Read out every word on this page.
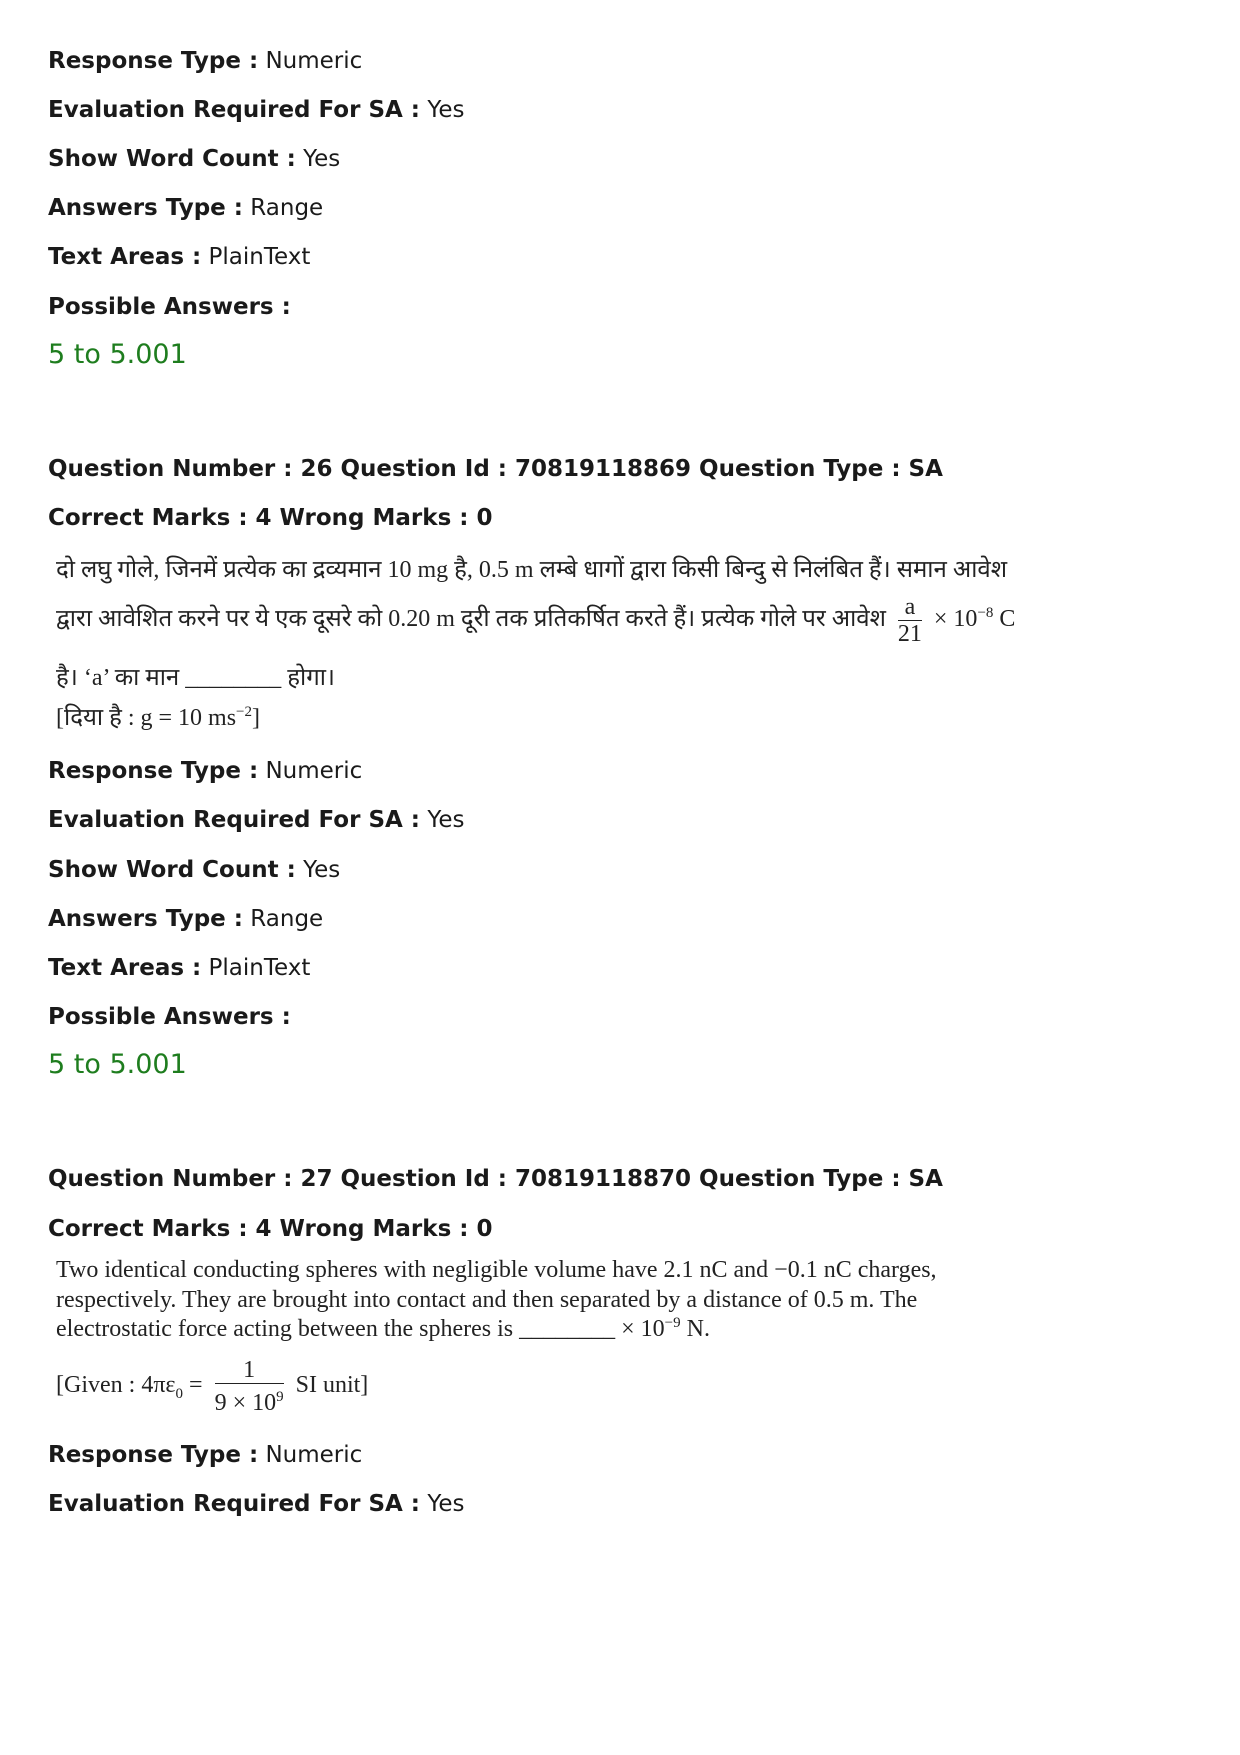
Response Type : Numeric
Evaluation Required For SA : Yes
Show Word Count : Yes
Answers Type : Range
Text Areas : PlainText
Possible Answers :
5 to 5.001
Question Number : 26 Question Id : 70819118869 Question Type : SA
Correct Marks : 4 Wrong Marks : 0
दो लघु गोले, जिनमें प्रत्येक का द्रव्यमान 10 mg है, 0.5 m लम्बे धागों द्वारा किसी बिन्दु से निलंबित हैं। समान आवेश
द्वारा आवेशित करने पर ये एक दूसरे को 0.20 m दूरी तक प्रतिकर्षित करते हैं। प्रत्येक गोले पर आवेश $\frac{a}{21} \times 10^{-8}$ C
है। ‘a’ का मान ________ होगा।
[दिया है : g = 10 $ms^{-2}$]
Response Type : Numeric
Evaluation Required For SA : Yes
Show Word Count : Yes
Answers Type : Range
Text Areas : PlainText
Possible Answers :
5 to 5.001
Question Number : 27 Question Id : 70819118870 Question Type : SA
Correct Marks : 4 Wrong Marks : 0
Two identical conducting spheres with negligible volume have 2.1 nC and −0.1 nC charges,
respectively. They are brought into contact and then separated by a distance of 0.5 m. The
electrostatic force acting between the spheres is ________ × $10^{-9}$ N.
[Given : $4\pi\varepsilon_0 = \frac{1}{9 \times 10^9}$ SI unit]
Response Type : Numeric
Evaluation Required For SA : Yes
